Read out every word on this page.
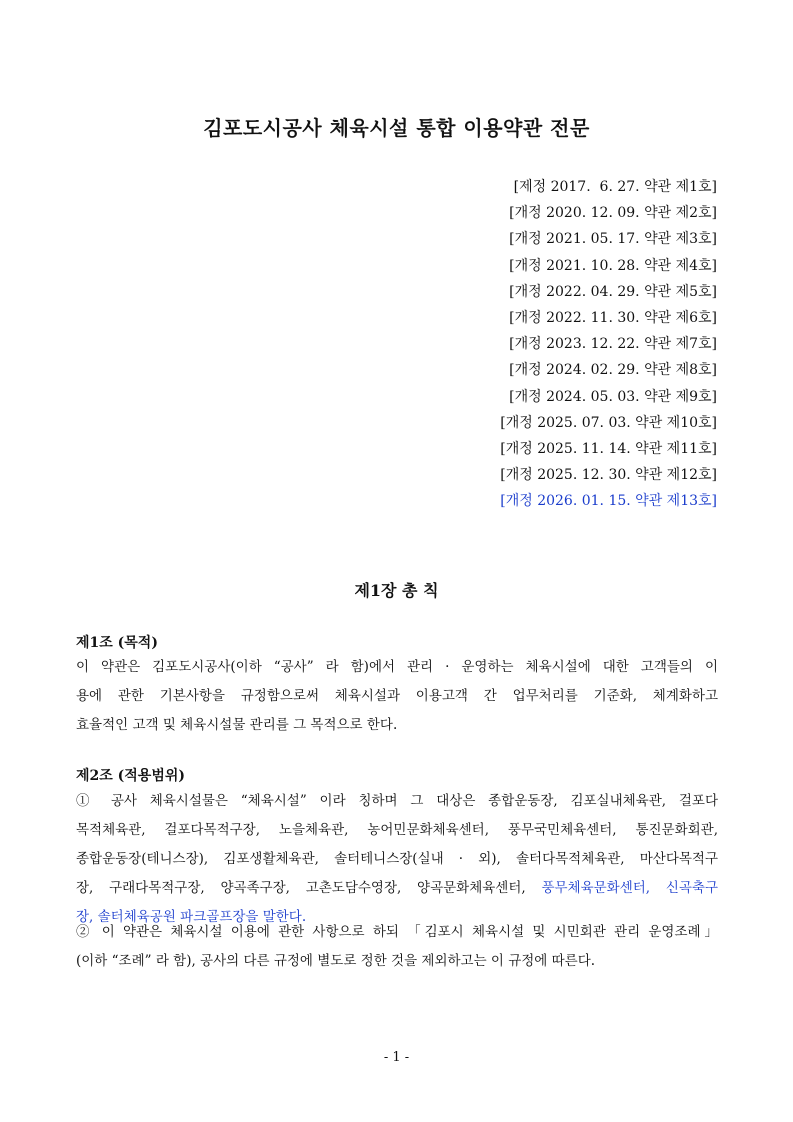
김포도시공사 체육시설 통합 이용약관 전문
[제정 2017.  6. 27. 약관 제1호]
[개정 2020. 12. 09. 약관 제2호]
[개정 2021. 05. 17. 약관 제3호]
[개정 2021. 10. 28. 약관 제4호]
[개정 2022. 04. 29. 약관 제5호]
[개정 2022. 11. 30. 약관 제6호]
[개정 2023. 12. 22. 약관 제7호]
[개정 2024. 02. 29. 약관 제8호]
[개정 2024. 05. 03. 약관 제9호]
[개정 2025. 07. 03. 약관 제10호]
[개정 2025. 11. 14. 약관 제11호]
[개정 2025. 12. 30. 약관 제12호]
[개정 2026. 01. 15. 약관 제13호]
제1장 총 칙
제1조 (목적)
이 약관은 김포도시공사(이하 “공사” 라 함)에서 관리 · 운영하는 체육시설에 대한 고객들의 이
용에 관한 기본사항을 규정함으로써 체육시설과 이용고객 간 업무처리를 기준화, 체계화하고
효율적인 고객 및 체육시설물 관리를 그 목적으로 한다.
제2조 (적용범위)
① 공사 체육시설물은 “체육시설” 이라 칭하며 그 대상은 종합운동장, 김포실내체육관, 걸포다
목적체육관, 걸포다목적구장, 노을체육관, 농어민문화체육센터, 풍무국민체육센터, 통진문화회관,
종합운동장(테니스장), 김포생활체육관, 솔터테니스장(실내 · 외), 솔터다목적체육관, 마산다목적구
장, 구래다목적구장, 양곡족구장, 고촌도담수영장, 양곡문화체육센터, 풍무체육문화센터, 신곡축구
장, 솔터체육공원 파크골프장을 말한다.
② 이 약관은 체육시설 이용에 관한 사항으로 하되 「김포시 체육시설 및 시민회관 관리 운영조례」
(이하 “조례” 라 함), 공사의 다른 규정에 별도로 정한 것을 제외하고는 이 규정에 따른다.
- 1 -
